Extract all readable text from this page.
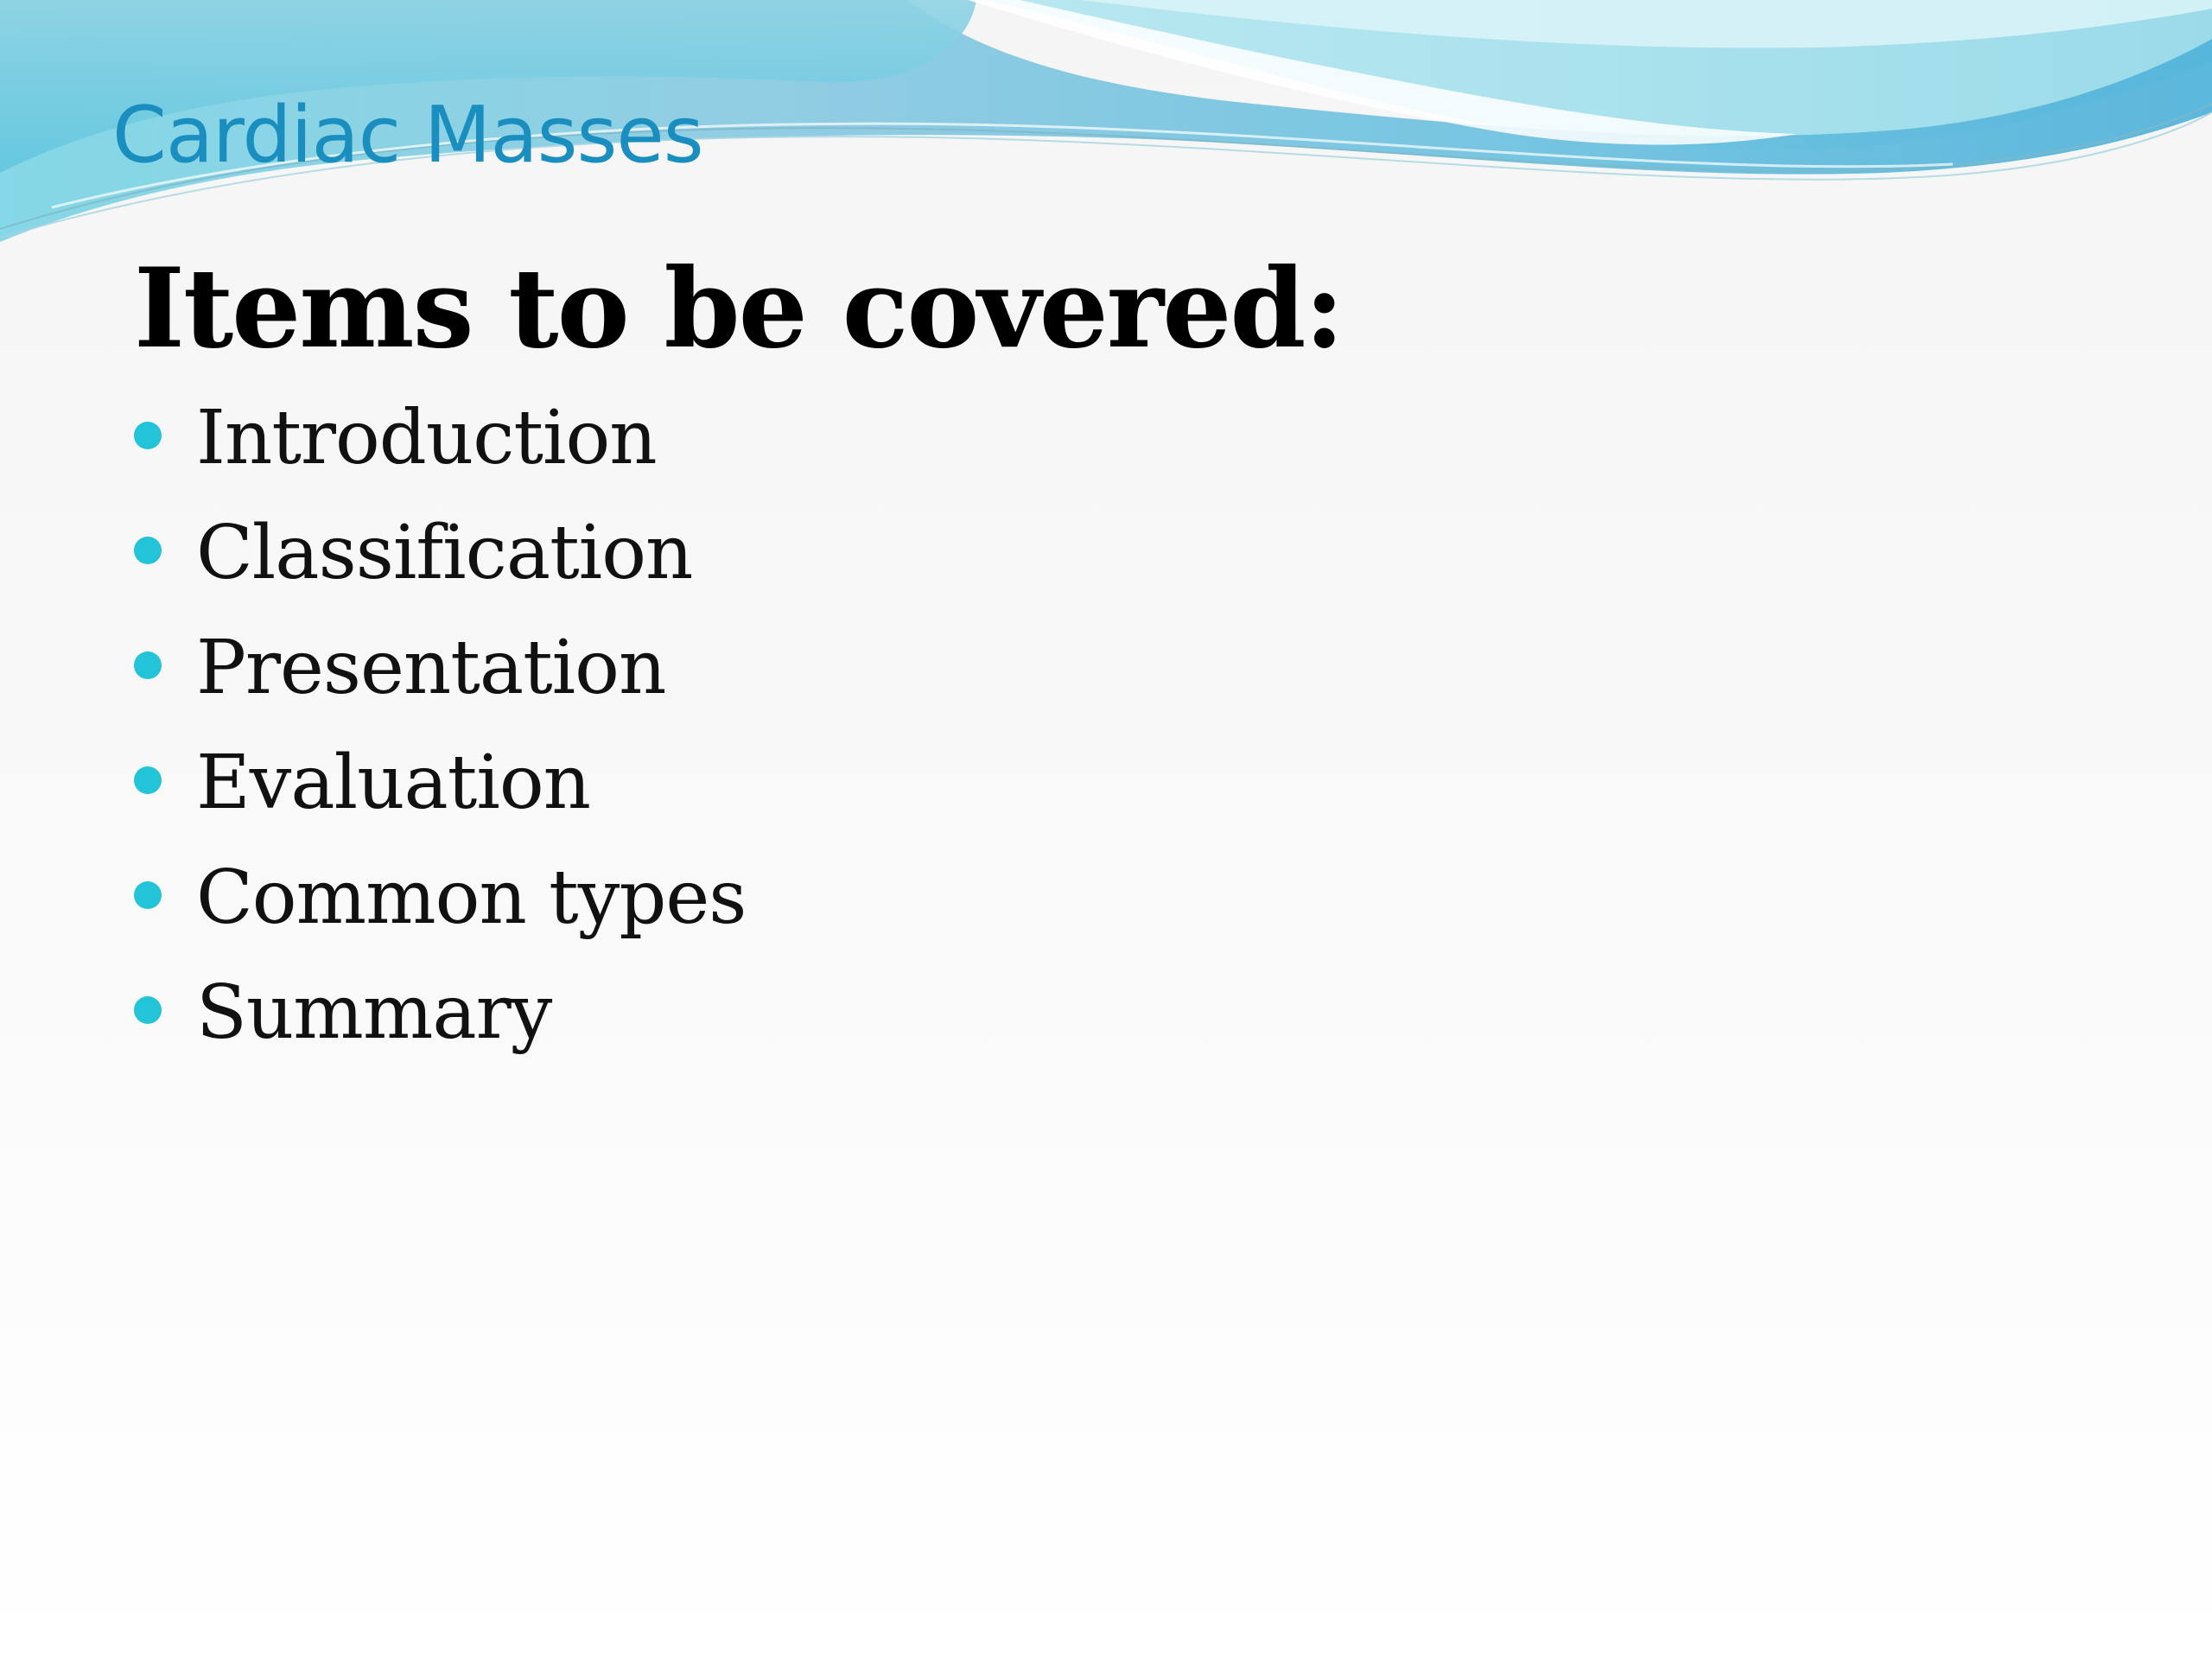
Cardiac Masses
Items to be covered:
Introduction
Classification
Presentation
Evaluation
Common types
Summary
